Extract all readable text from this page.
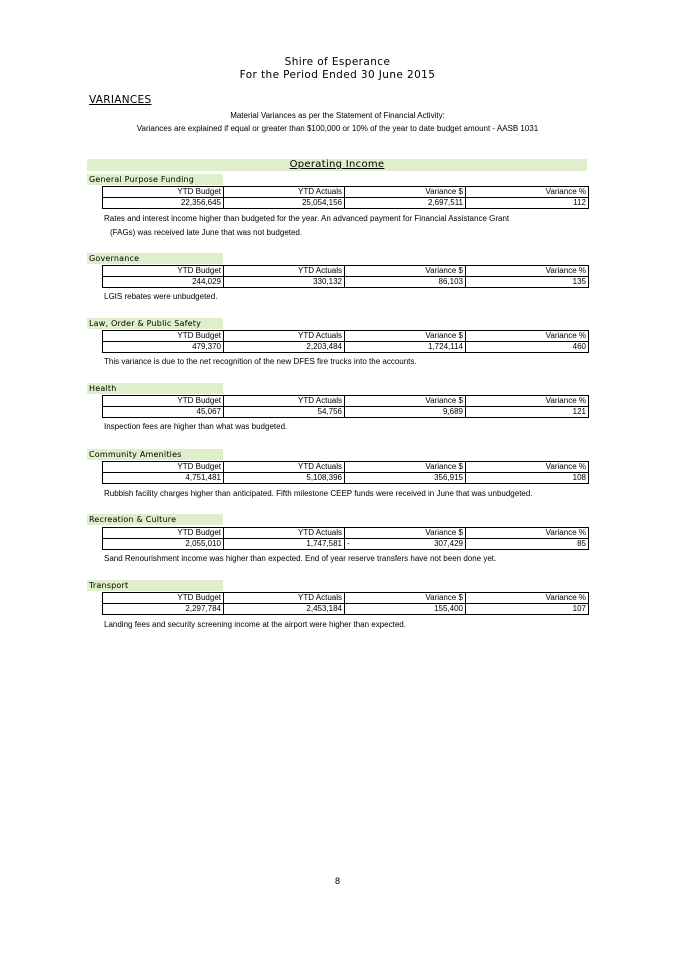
Shire of Esperance
For the Period Ended 30 June 2015
VARIANCES
Material Variances as per the Statement of Financial Activity:
Variances are explained if equal or greater than $100,000 or 10% of the year to date budget amount - AASB 1031
Operating Income
General Purpose Funding
YTD Budget	YTD Actuals	Variance $	Variance %
22,356,645	25,054,156	2,697,511	112
Rates and interest income higher than budgeted for the year. An advanced payment for Financial Assistance Grant
(FAGs) was received late June that was not budgeted.
Governance
YTD Budget	YTD Actuals	Variance $	Variance %
244,029	330,132	86,103	135
LGIS rebates were unbudgeted.
Law, Order & Public Safety
YTD Budget	YTD Actuals	Variance $	Variance %
479,370	2,203,484	1,724,114	460
This variance is due to the net recognition of the new DFES fire trucks into the accounts.
Health
YTD Budget	YTD Actuals	Variance $	Variance %
45,067	54,756	9,689	121
Inspection fees are higher than what was budgeted.
Community Amenities
YTD Budget	YTD Actuals	Variance $	Variance %
4,751,481	5,108,396	356,915	108
Rubbish facility charges higher than anticipated. Fifth milestone CEEP funds were received in June that was unbudgeted.
Recreation & Culture
YTD Budget	YTD Actuals	Variance $	Variance %
2,055,010	1,747,581	- 307,429	85
Sand Renourishment income was higher than expected. End of year reserve transfers have not been done yet.
Transport
YTD Budget	YTD Actuals	Variance $	Variance %
2,297,784	2,453,184	155,400	107
Landing fees and security screening income at the airport were higher than expected.
8
